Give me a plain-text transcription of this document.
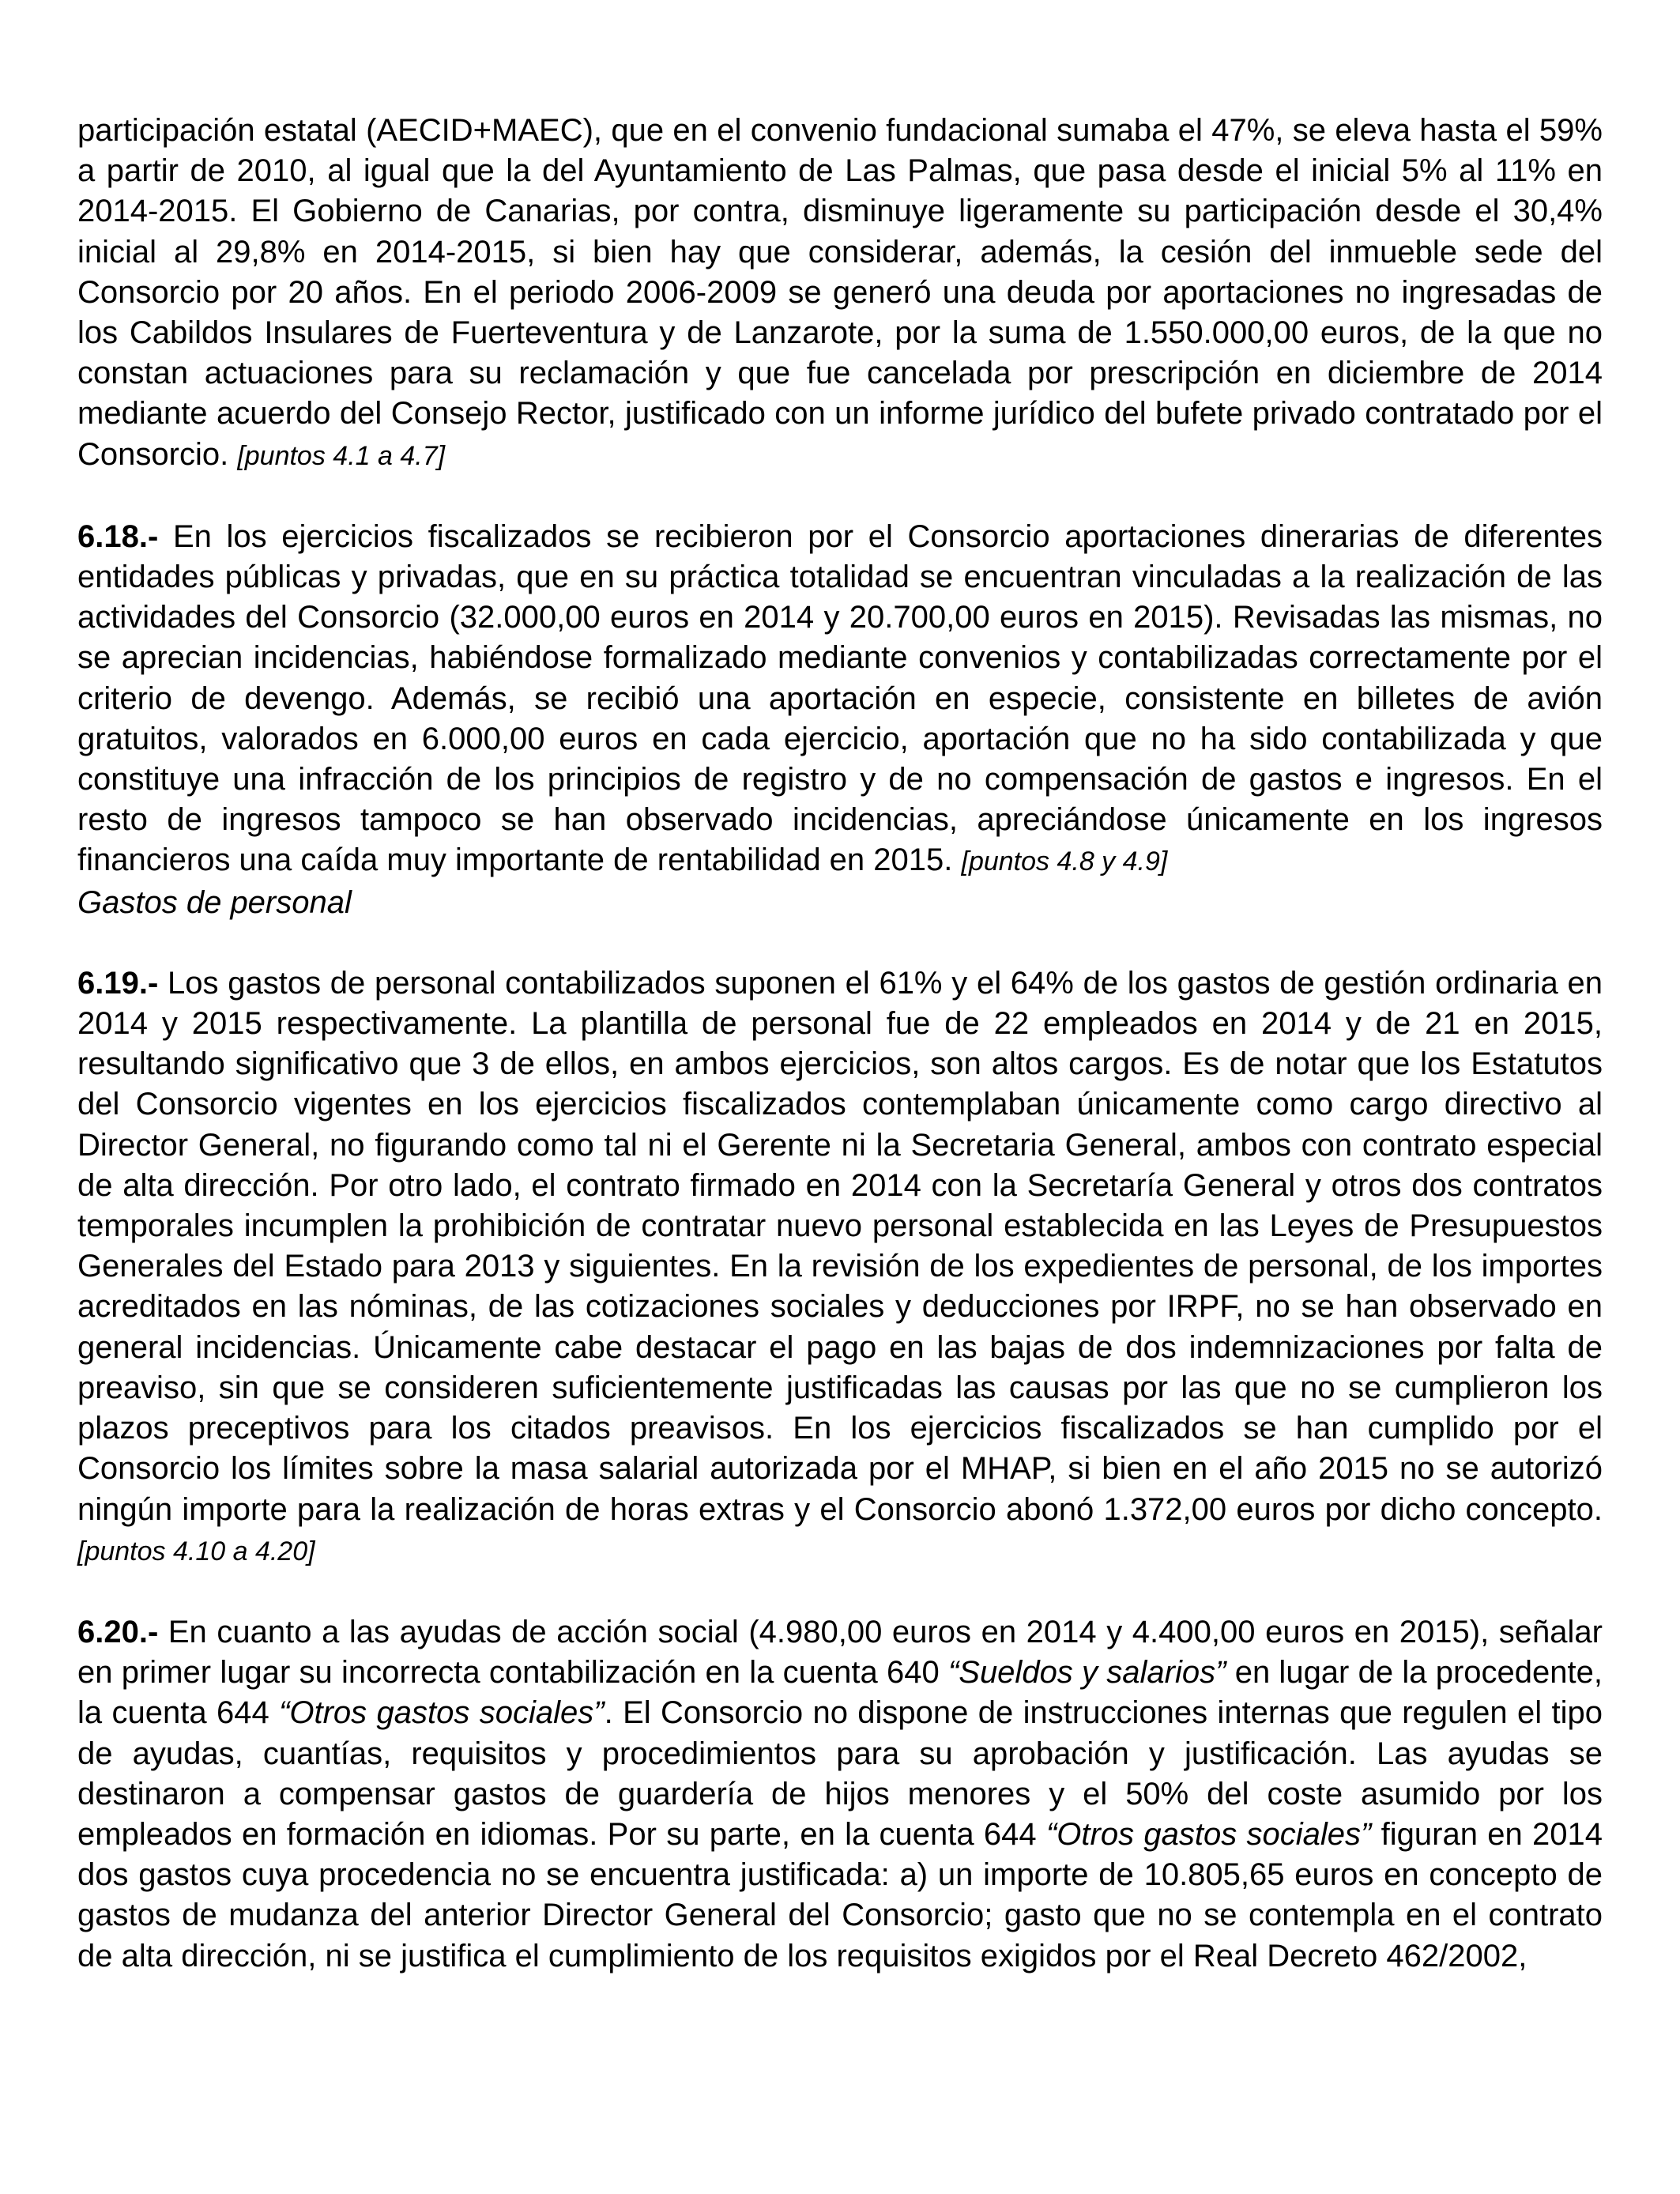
participación estatal (AECID+MAEC), que en el convenio fundacional sumaba el 47%, se eleva hasta el 59% a partir de 2010, al igual que la del Ayuntamiento de Las Palmas, que pasa desde el inicial 5% al 11% en 2014-2015. El Gobierno de Canarias, por contra, disminuye ligeramente su participación desde el 30,4% inicial al 29,8% en 2014-2015, si bien hay que considerar, además, la cesión del inmueble sede del Consorcio por 20 años. En el periodo 2006-2009 se generó una deuda por aportaciones no ingresadas de los Cabildos Insulares de Fuerteventura y de Lanzarote, por la suma de 1.550.000,00 euros, de la que no constan actuaciones para su reclamación y que fue cancelada por prescripción en diciembre de 2014 mediante acuerdo del Consejo Rector, justificado con un informe jurídico del bufete privado contratado por el Consorcio. [puntos 4.1 a 4.7]

6.18.- En los ejercicios fiscalizados se recibieron por el Consorcio aportaciones dinerarias de diferentes entidades públicas y privadas, que en su práctica totalidad se encuentran vinculadas a la realización de las actividades del Consorcio (32.000,00 euros en 2014 y 20.700,00 euros en 2015). Revisadas las mismas, no se aprecian incidencias, habiéndose formalizado mediante convenios y contabilizadas correctamente por el criterio de devengo. Además, se recibió una aportación en especie, consistente en billetes de avión gratuitos, valorados en 6.000,00 euros en cada ejercicio, aportación que no ha sido contabilizada y que constituye una infracción de los principios de registro y de no compensación de gastos e ingresos. En el resto de ingresos tampoco se han observado incidencias, apreciándose únicamente en los ingresos financieros una caída muy importante de rentabilidad en 2015. [puntos 4.8 y 4.9]

Gastos de personal

6.19.- Los gastos de personal contabilizados suponen el 61% y el 64% de los gastos de gestión ordinaria en 2014 y 2015 respectivamente. La plantilla de personal fue de 22 empleados en 2014 y de 21 en 2015, resultando significativo que 3 de ellos, en ambos ejercicios, son altos cargos. Es de notar que los Estatutos del Consorcio vigentes en los ejercicios fiscalizados contemplaban únicamente como cargo directivo al Director General, no figurando como tal ni el Gerente ni la Secretaria General, ambos con contrato especial de alta dirección. Por otro lado, el contrato firmado en 2014 con la Secretaría General y otros dos contratos temporales incumplen la prohibición de contratar nuevo personal establecida en las Leyes de Presupuestos Generales del Estado para 2013 y siguientes. En la revisión de los expedientes de personal, de los importes acreditados en las nóminas, de las cotizaciones sociales y deducciones por IRPF, no se han observado en general incidencias. Únicamente cabe destacar el pago en las bajas de dos indemnizaciones por falta de preaviso, sin que se consideren suficientemente justificadas las causas por las que no se cumplieron los plazos preceptivos para los citados preavisos. En los ejercicios fiscalizados se han cumplido por el Consorcio los límites sobre la masa salarial autorizada por el MHAP, si bien en el año 2015 no se autorizó ningún importe para la realización de horas extras y el Consorcio abonó 1.372,00 euros por dicho concepto. [puntos 4.10 a 4.20]

6.20.- En cuanto a las ayudas de acción social (4.980,00 euros en 2014 y 4.400,00 euros en 2015), señalar en primer lugar su incorrecta contabilización en la cuenta 640 “Sueldos y salarios” en lugar de la procedente, la cuenta 644 “Otros gastos sociales”. El Consorcio no dispone de instrucciones internas que regulen el tipo de ayudas, cuantías, requisitos y procedimientos para su aprobación y justificación. Las ayudas se destinaron a compensar gastos de guardería de hijos menores y el 50% del coste asumido por los empleados en formación en idiomas. Por su parte, en la cuenta 644 “Otros gastos sociales” figuran en 2014 dos gastos cuya procedencia no se encuentra justificada: a) un importe de 10.805,65 euros en concepto de gastos de mudanza del anterior Director General del Consorcio; gasto que no se contempla en el contrato de alta dirección, ni se justifica el cumplimiento de los requisitos exigidos por el Real Decreto 462/2002,
